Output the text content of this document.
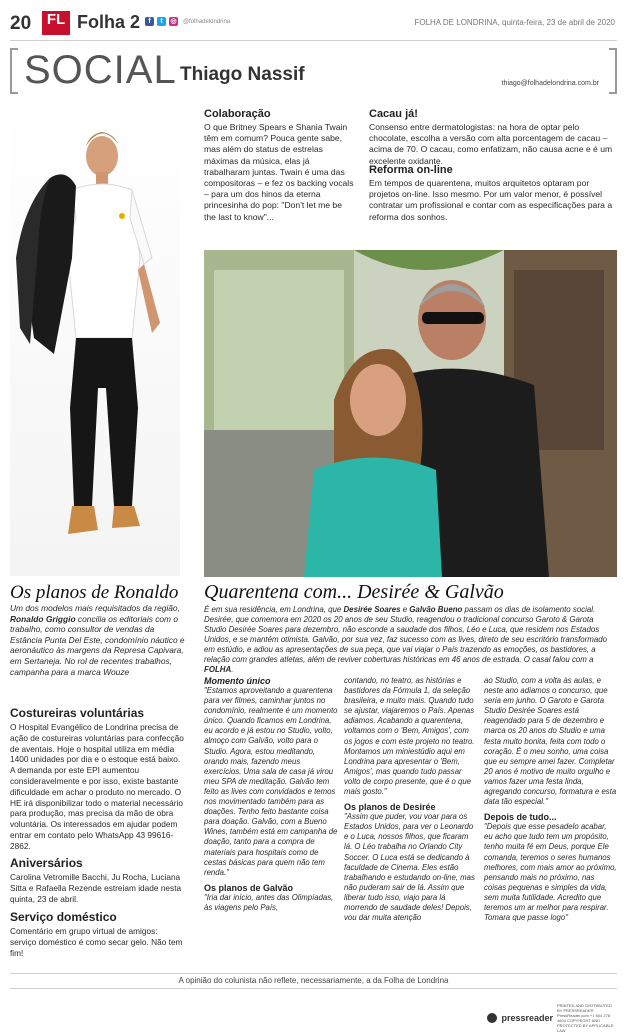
20	FL Folha 2	f	t	◎ @folhadelondrina	FOLHA DE LONDRINA, quinta-feira, 23 de abril de 2020
SOCIAL Thiago Nassif	thiago@folhadelondrina.com.br
Colaboração
O que Britney Spears e Shania Twain têm em comum? Pouca gente sabe, mas além do status de estrelas máximas da música, elas já trabalharam juntas. Twain é uma das compositoras – e fez os backing vocals – para um dos hinos da eterna princesinha do pop: "Don't let me be the last to know"...
Cacau já!
Consenso entre dermatologistas: na hora de optar pelo chocolate, escolha a versão com alta porcentagem de cacau – acima de 70. O cacau, como enfatizam, não causa acne e é um excelente oxidante.
Reforma on-line
Em tempos de quarentena, muitos arquitetos optaram por projetos on-line. Isso mesmo. Por um valor menor, é possível contratar um profissional e contar com as especificações para a reforma dos sonhos.
Os planos de Ronaldo
Um dos modelos mais requisitados da região, Ronaldo Griggio concilia os editoriais com o trabalho, como consultor de vendas da Estância Punta Del Este, condomínio náutico e aeronáutico às margens da Represa Capivara, em Sertaneja. No rol de recentes trabalhos, campanha para a marca Wouze
Costureiras voluntárias
O Hospital Evangélico de Londrina precisa de ação de costureiras voluntárias para confecção de aventais. Hoje o hospital utiliza em média 1400 unidades por dia e o estoque está baixo. A demanda por este EPI aumentou consideravelmente e por isso, existe bastante dificuldade em achar o produto no mercado. O HE irá disponibilizar todo o material necessário para produção, mas precisa da mão de obra voluntária. Os interessados em ajudar podem entrar em contato pelo WhatsApp 43 99616-2862.
Aniversários
Carolina Vetromille Bacchi, Ju Rocha, Luciana Sitta e Rafaella Rezende estreiam idade nesta quinta, 23 de abril.
Serviço doméstico
Comentário em grupo virtual de amigos: serviço doméstico é como secar gelo. Não tem fim!
Quarentena com... Desirée & Galvão
É em sua residência, em Londrina, que Desirée Soares e Galvão Bueno passam os dias de isolamento social. Desirée, que comemora em 2020 os 20 anos de seu Studio, reagendou o tradicional concurso Garoto & Garota Studio Desirée Soares para dezembro, não esconde a saudade dos filhos, Léo e Luca, que residem nos Estados Unidos, e se mantém otimista. Galvão, por sua vez, faz sucesso com as lives, direto de seu escritório transformado em estúdio, e adiou as apresentações de sua peça, que vai viajar o País trazendo as emoções, os bastidores, a relação com grandes atletas, além de reviver coberturas históricas em 46 anos de estrada. O casal falou com a FOLHA.
Momento único
"Estamos aproveitando a quarentena para ver filmes, caminhar juntos no condomínio, realmente é um momento único. Quando ficamos em Londrina, eu acordo e já estou no Studio, volto, almoço com Galvão, volto para o Studio. Agora, estou meditando, orando mais, fazendo meus exercícios. Uma sala de casa já virou meu SPA de meditação. Galvão tem feito as lives com convidados e temos nos movimentado também para as doações. Tenho feito bastante coisa para doação. Galvão, com a Bueno Wines, também está em campanha de doação, tanto para a compra de materiais para hospitais como de cestas básicas para quem não tem renda."
Os planos de Galvão
"Iria dar início, antes das Olimpíadas, às viagens pelo País,
contando, no teatro, as histórias e bastidores da Fórmula 1, da seleção brasileira, e muito mais. Quando tudo se ajustar, viajaremos o País. Apenas adiamos. Acabando a quarentena, voltamos com o 'Bem, Amigos', com os jogos e com este projeto no teatro. Montamos um miniestúdio aqui em Londrina para apresentar o 'Bem, Amigos', mas quando tudo passar volto de corpo presente, que é o que mais gosto."
Os planos de Desirée
"Assim que puder, vou voar para os Estados Unidos, para ver o Leonardo e o Luca, nossos filhos, que ficaram lá. O Léo trabalha no Orlando City Soccer. O Luca está se dedicando à faculdade de Cinema. Eles estão trabalhando e estudando on-line, mas não puderam sair de lá. Assim que liberar tudo isso, viajo para lá morrendo de saudade deles! Depois, vou dar muita atenção
ao Studio, com a volta às aulas, e neste ano adiamos o concurso, que seria em junho. O Garoto e Garota Studio Desirée Soares está reagendado para 5 de dezembro e marca os 20 anos do Studio e uma festa muito bonita, feita com todo o coração. É o meu sonho, uma coisa que eu sempre amei fazer. Completar 20 anos é motivo de muito orgulho e vamos fazer uma festa linda, agregando concurso, formatura e esta data tão especial."
Depois de tudo...
"Depois que esse pesadelo acabar, eu acho que tudo tem um propósito, tenho muita fé em Deus, porque Ele comanda, teremos o seres humanos melhores, com mais amor ao próximo, pensando mais no próximo, nas coisas pequenas e simples da vida, sem muita futilidade. Acredito que teremos um ar melhor para respirar. Tomara que passe logo"
A opinião do colunista não reflete, necessariamente, a da Folha de Londrina
pressreader
PRINTED AND DISTRIBUTED BY PRESSREADER PressReader.com +1 604 278 4604 COPYRIGHT AND PROTECTED BY APPLICABLE LAW
